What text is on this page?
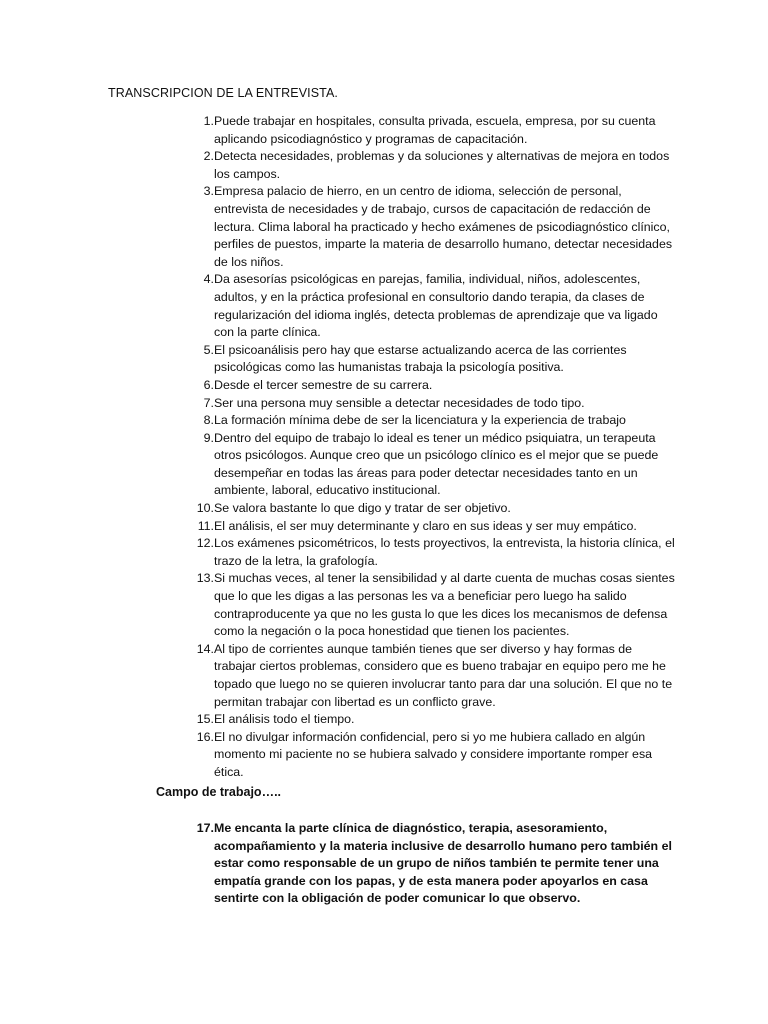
TRANSCRIPCION DE LA ENTREVISTA.
1. Puede trabajar en hospitales, consulta privada, escuela, empresa, por su cuenta aplicando psicodiagnóstico y programas de capacitación.
2. Detecta necesidades, problemas y da soluciones y alternativas de mejora en todos los campos.
3. Empresa palacio de hierro, en un centro de idioma, selección de personal, entrevista de necesidades y de trabajo, cursos de capacitación de redacción de lectura. Clima laboral ha practicado y hecho exámenes de psicodiagnóstico clínico, perfiles de puestos, imparte la materia de desarrollo humano, detectar necesidades de los niños.
4. Da asesorías psicológicas en parejas, familia, individual, niños, adolescentes, adultos, y en la práctica profesional en consultorio dando terapia, da clases de regularización del idioma inglés, detecta problemas de aprendizaje que va ligado con la parte clínica.
5. El psicoanálisis pero hay que estarse actualizando acerca de las corrientes psicológicas como las humanistas trabaja la psicología positiva.
6. Desde el tercer semestre de su carrera.
7. Ser una persona muy sensible a detectar necesidades de todo tipo.
8. La formación mínima debe de ser la licenciatura y la experiencia de trabajo
9. Dentro del equipo de trabajo lo ideal es tener un médico psiquiatra, un terapeuta otros psicólogos. Aunque creo que un psicólogo clínico es el mejor que se puede desempeñar en todas las áreas para poder detectar necesidades tanto en un ambiente, laboral, educativo institucional.
10. Se valora bastante lo que digo y tratar de ser objetivo.
11. El análisis, el ser muy determinante y claro en sus ideas y ser muy empático.
12. Los exámenes psicométricos, lo tests proyectivos, la entrevista, la historia clínica, el trazo de la letra, la grafología.
13. Si muchas veces, al tener la sensibilidad y al darte cuenta de muchas cosas sientes que lo que les digas a las personas les va a beneficiar pero luego ha salido contraproducente ya que no les gusta lo que les dices los mecanismos de defensa como la negación o la poca honestidad que tienen los pacientes.
14. Al tipo de corrientes aunque también tienes que ser diverso y hay formas de trabajar ciertos problemas, considero que es bueno trabajar en equipo pero me he topado que luego no se quieren involucrar tanto para dar una solución. El que no te permitan trabajar con libertad es un conflicto grave.
15. El análisis todo el tiempo.
16. El no divulgar información confidencial, pero si yo me hubiera callado en algún momento mi paciente no se hubiera salvado y considere importante romper esa ética.
Campo de trabajo…..
17. Me encanta la parte clínica de diagnóstico, terapia, asesoramiento, acompañamiento y la materia inclusive de desarrollo humano pero también el estar como responsable de un grupo de niños también te permite tener una empatía grande con los papas, y de esta manera poder apoyarlos en casa sentirte con la obligación de poder comunicar lo que observo.
